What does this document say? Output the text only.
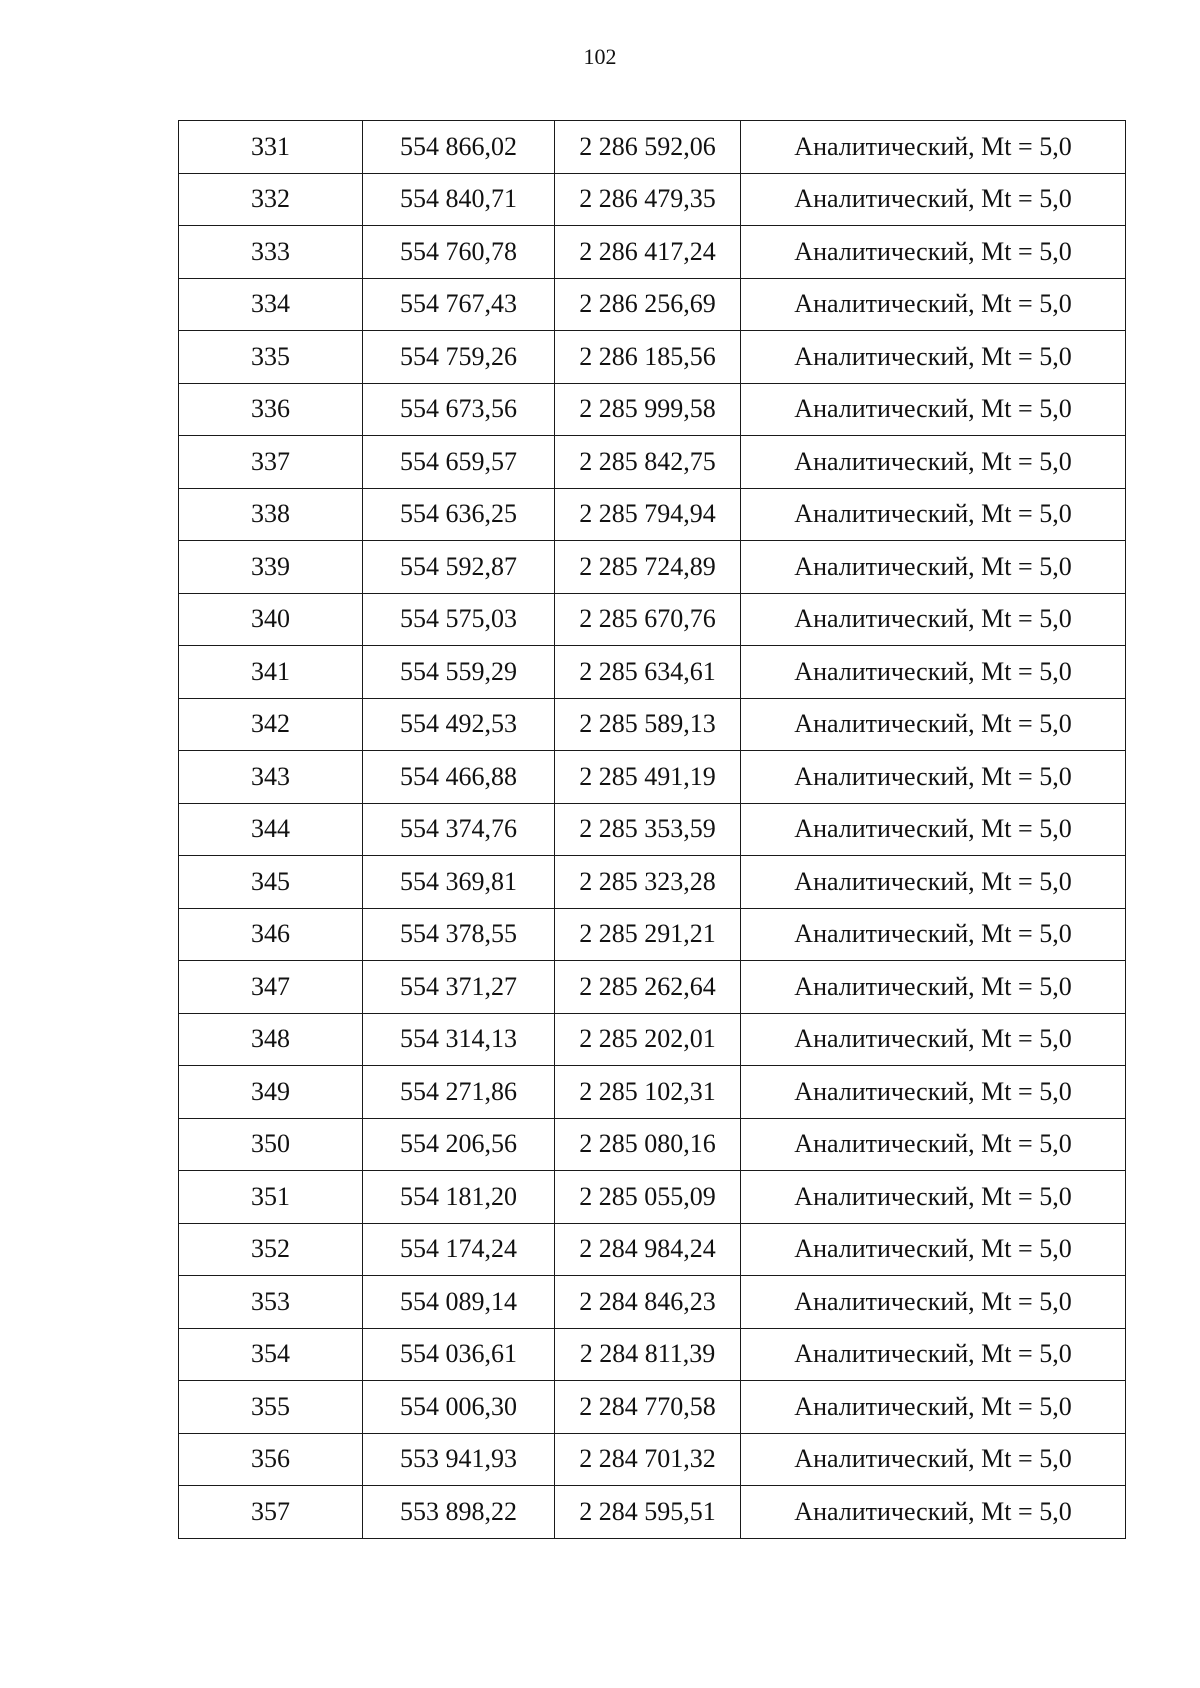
102
331	554 866,02	2 286 592,06	Аналитический, Mt = 5,0
332	554 840,71	2 286 479,35	Аналитический, Mt = 5,0
333	554 760,78	2 286 417,24	Аналитический, Mt = 5,0
334	554 767,43	2 286 256,69	Аналитический, Mt = 5,0
335	554 759,26	2 286 185,56	Аналитический, Mt = 5,0
336	554 673,56	2 285 999,58	Аналитический, Mt = 5,0
337	554 659,57	2 285 842,75	Аналитический, Mt = 5,0
338	554 636,25	2 285 794,94	Аналитический, Mt = 5,0
339	554 592,87	2 285 724,89	Аналитический, Mt = 5,0
340	554 575,03	2 285 670,76	Аналитический, Mt = 5,0
341	554 559,29	2 285 634,61	Аналитический, Mt = 5,0
342	554 492,53	2 285 589,13	Аналитический, Mt = 5,0
343	554 466,88	2 285 491,19	Аналитический, Mt = 5,0
344	554 374,76	2 285 353,59	Аналитический, Mt = 5,0
345	554 369,81	2 285 323,28	Аналитический, Mt = 5,0
346	554 378,55	2 285 291,21	Аналитический, Mt = 5,0
347	554 371,27	2 285 262,64	Аналитический, Mt = 5,0
348	554 314,13	2 285 202,01	Аналитический, Mt = 5,0
349	554 271,86	2 285 102,31	Аналитический, Mt = 5,0
350	554 206,56	2 285 080,16	Аналитический, Mt = 5,0
351	554 181,20	2 285 055,09	Аналитический, Mt = 5,0
352	554 174,24	2 284 984,24	Аналитический, Mt = 5,0
353	554 089,14	2 284 846,23	Аналитический, Mt = 5,0
354	554 036,61	2 284 811,39	Аналитический, Mt = 5,0
355	554 006,30	2 284 770,58	Аналитический, Mt = 5,0
356	553 941,93	2 284 701,32	Аналитический, Mt = 5,0
357	553 898,22	2 284 595,51	Аналитический, Mt = 5,0
